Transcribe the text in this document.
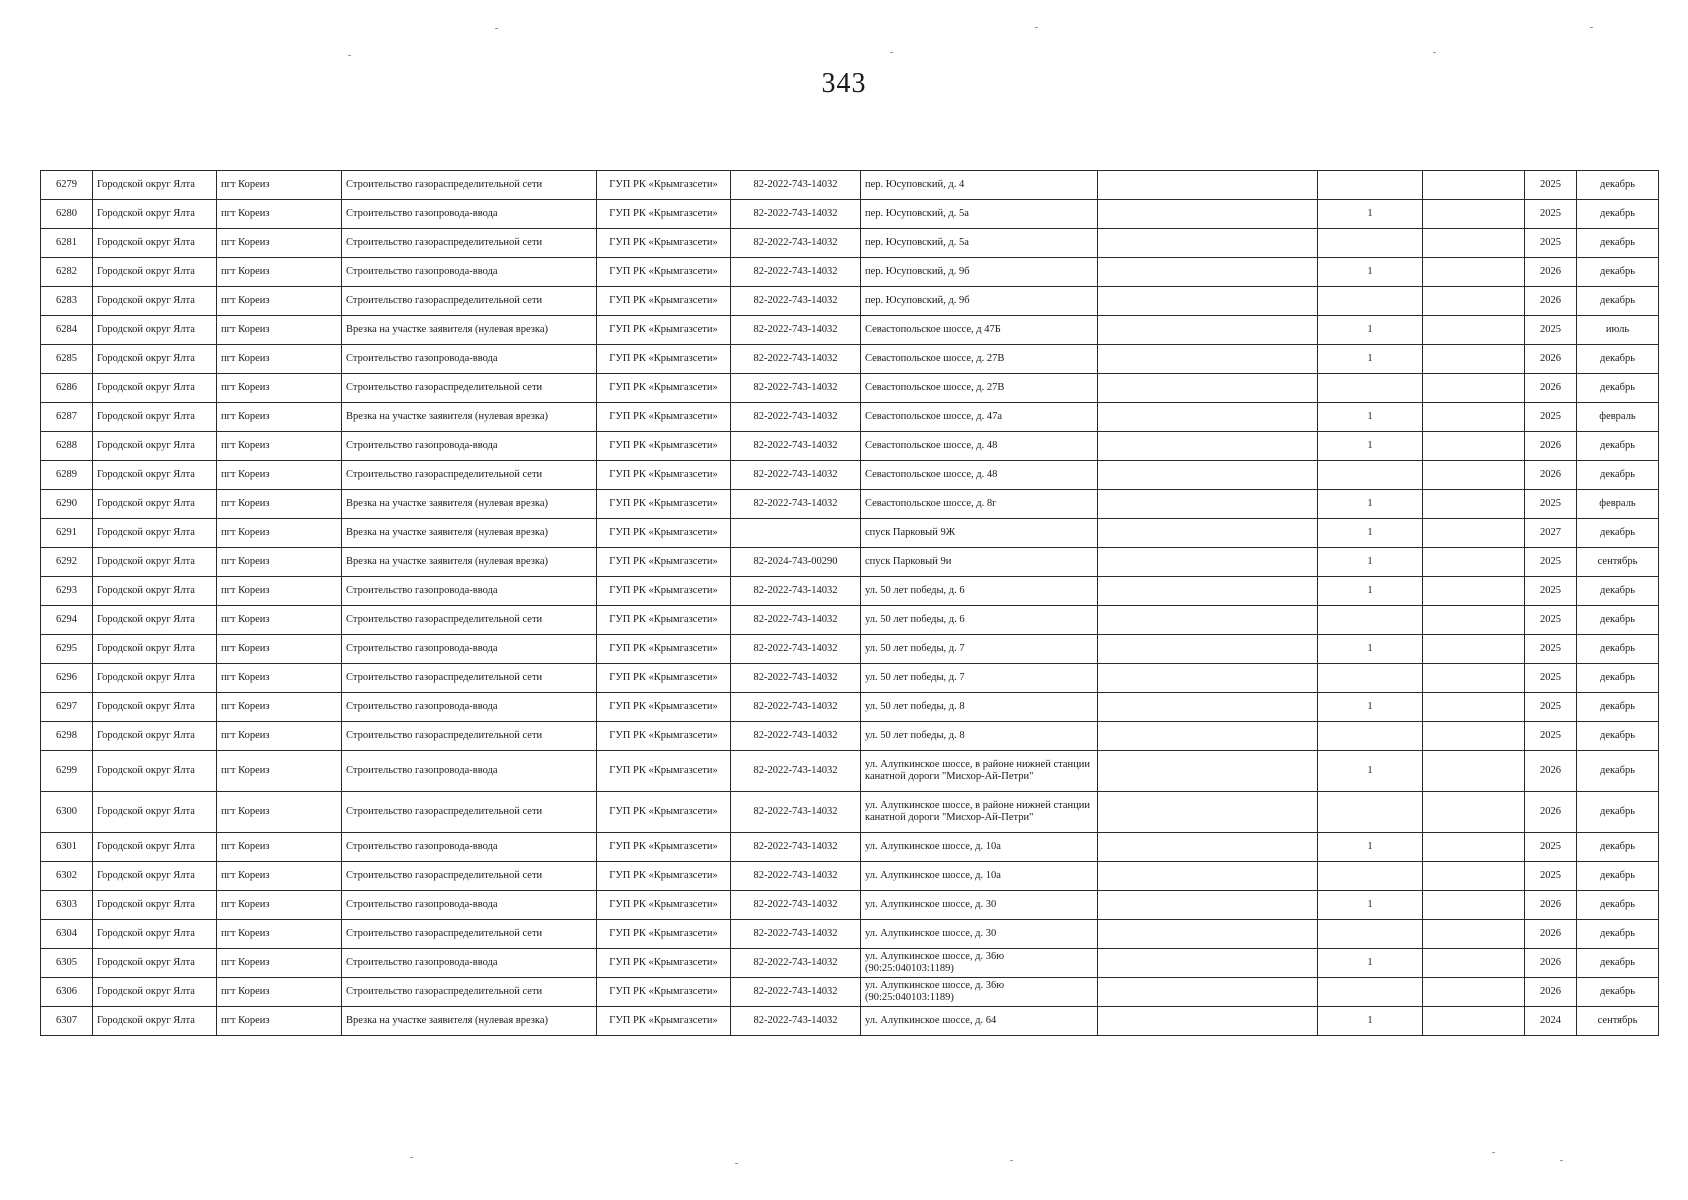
343
6279	Городской округ Ялта	пгт Кореиз	Строительство газораспределительной сети	ГУП РК «Крымгазсети»	82-2022-743-14032	пер. Юсуповский, д. 4				2025	декабрь
6280	Городской округ Ялта	пгт Кореиз	Строительство газопровода-ввода	ГУП РК «Крымгазсети»	82-2022-743-14032	пер. Юсуповский, д. 5а		1		2025	декабрь
6281	Городской округ Ялта	пгт Кореиз	Строительство газораспределительной сети	ГУП РК «Крымгазсети»	82-2022-743-14032	пер. Юсуповский, д. 5а				2025	декабрь
6282	Городской округ Ялта	пгт Кореиз	Строительство газопровода-ввода	ГУП РК «Крымгазсети»	82-2022-743-14032	пер. Юсуповский, д. 9б		1		2026	декабрь
6283	Городской округ Ялта	пгт Кореиз	Строительство газораспределительной сети	ГУП РК «Крымгазсети»	82-2022-743-14032	пер. Юсуповский, д. 9б				2026	декабрь
6284	Городской округ Ялта	пгт Кореиз	Врезка на участке заявителя (нулевая врезка)	ГУП РК «Крымгазсети»	82-2022-743-14032	Севастопольское шоссе, д 47Б		1		2025	июль
6285	Городской округ Ялта	пгт Кореиз	Строительство газопровода-ввода	ГУП РК «Крымгазсети»	82-2022-743-14032	Севастопольское шоссе, д. 27В		1		2026	декабрь
6286	Городской округ Ялта	пгт Кореиз	Строительство газораспределительной сети	ГУП РК «Крымгазсети»	82-2022-743-14032	Севастопольское шоссе, д. 27В				2026	декабрь
6287	Городской округ Ялта	пгт Кореиз	Врезка на участке заявителя (нулевая врезка)	ГУП РК «Крымгазсети»	82-2022-743-14032	Севастопольское шоссе, д. 47а		1		2025	февраль
6288	Городской округ Ялта	пгт Кореиз	Строительство газопровода-ввода	ГУП РК «Крымгазсети»	82-2022-743-14032	Севастопольское шоссе, д. 48		1		2026	декабрь
6289	Городской округ Ялта	пгт Кореиз	Строительство газораспределительной сети	ГУП РК «Крымгазсети»	82-2022-743-14032	Севастопольское шоссе, д. 48				2026	декабрь
6290	Городской округ Ялта	пгт Кореиз	Врезка на участке заявителя (нулевая врезка)	ГУП РК «Крымгазсети»	82-2022-743-14032	Севастопольское шоссе, д. 8г		1		2025	февраль
6291	Городской округ Ялта	пгт Кореиз	Врезка на участке заявителя (нулевая врезка)	ГУП РК «Крымгазсети»		спуск Парковый 9Ж		1		2027	декабрь
6292	Городской округ Ялта	пгт Кореиз	Врезка на участке заявителя (нулевая врезка)	ГУП РК «Крымгазсети»	82-2024-743-00290	спуск Парковый 9и		1		2025	сентябрь
6293	Городской округ Ялта	пгт Кореиз	Строительство газопровода-ввода	ГУП РК «Крымгазсети»	82-2022-743-14032	ул. 50 лет победы, д. 6		1		2025	декабрь
6294	Городской округ Ялта	пгт Кореиз	Строительство газораспределительной сети	ГУП РК «Крымгазсети»	82-2022-743-14032	ул. 50 лет победы, д. 6				2025	декабрь
6295	Городской округ Ялта	пгт Кореиз	Строительство газопровода-ввода	ГУП РК «Крымгазсети»	82-2022-743-14032	ул. 50 лет победы, д. 7		1		2025	декабрь
6296	Городской округ Ялта	пгт Кореиз	Строительство газораспределительной сети	ГУП РК «Крымгазсети»	82-2022-743-14032	ул. 50 лет победы, д. 7				2025	декабрь
6297	Городской округ Ялта	пгт Кореиз	Строительство газопровода-ввода	ГУП РК «Крымгазсети»	82-2022-743-14032	ул. 50 лет победы, д. 8		1		2025	декабрь
6298	Городской округ Ялта	пгт Кореиз	Строительство газораспределительной сети	ГУП РК «Крымгазсети»	82-2022-743-14032	ул. 50 лет победы, д. 8				2025	декабрь
6299	Городской округ Ялта	пгт Кореиз	Строительство газопровода-ввода	ГУП РК «Крымгазсети»	82-2022-743-14032	ул. Алупкинское шоссе, в районе нижней станции канатной дороги "Мисхор-Ай-Петри"		1		2026	декабрь
6300	Городской округ Ялта	пгт Кореиз	Строительство газораспределительной сети	ГУП РК «Крымгазсети»	82-2022-743-14032	ул. Алупкинское шоссе, в районе нижней станции канатной дороги "Мисхор-Ай-Петри"				2026	декабрь
6301	Городской округ Ялта	пгт Кореиз	Строительство газопровода-ввода	ГУП РК «Крымгазсети»	82-2022-743-14032	ул. Алупкинское шоссе, д. 10а		1		2025	декабрь
6302	Городской округ Ялта	пгт Кореиз	Строительство газораспределительной сети	ГУП РК «Крымгазсети»	82-2022-743-14032	ул. Алупкинское шоссе, д. 10а				2025	декабрь
6303	Городской округ Ялта	пгт Кореиз	Строительство газопровода-ввода	ГУП РК «Крымгазсети»	82-2022-743-14032	ул. Алупкинское шоссе, д. 30		1		2026	декабрь
6304	Городской округ Ялта	пгт Кореиз	Строительство газораспределительной сети	ГУП РК «Крымгазсети»	82-2022-743-14032	ул. Алупкинское шоссе, д. 30				2026	декабрь
6305	Городской округ Ялта	пгт Кореиз	Строительство газопровода-ввода	ГУП РК «Крымгазсети»	82-2022-743-14032	ул. Алупкинское шоссе, д. 36ю (90:25:040103:1189)		1		2026	декабрь
6306	Городской округ Ялта	пгт Кореиз	Строительство газораспределительной сети	ГУП РК «Крымгазсети»	82-2022-743-14032	ул. Алупкинское шоссе, д. 36ю (90:25:040103:1189)				2026	декабрь
6307	Городской округ Ялта	пгт Кореиз	Врезка на участке заявителя (нулевая врезка)	ГУП РК «Крымгазсети»	82-2022-743-14032	ул. Алупкинское шоссе, д. 64		1		2024	сентябрь
